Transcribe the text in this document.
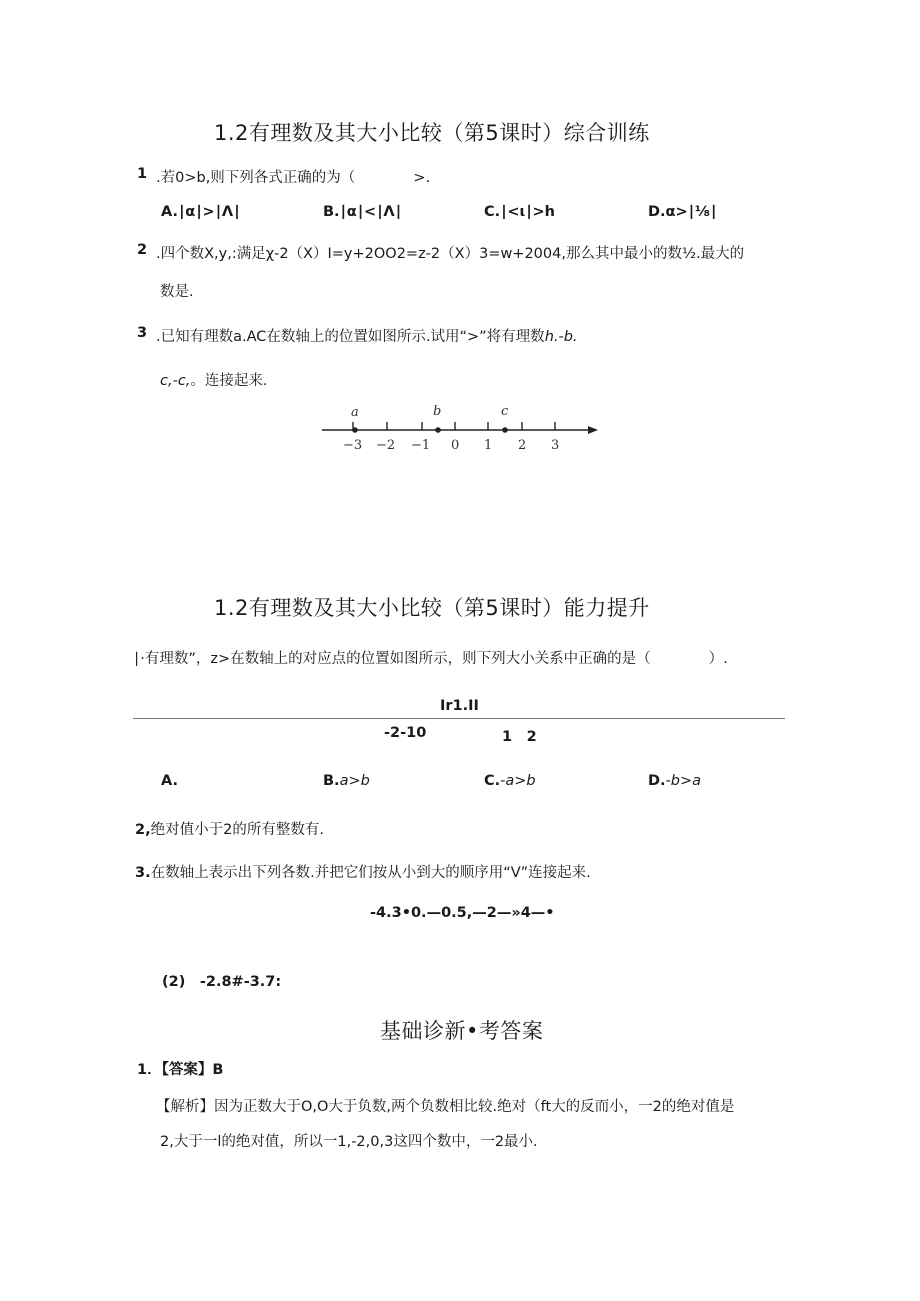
1.2有理数及其大小比较（第5课时）综合训练
1 .若0>b,则下列各式正确的为（　　　　>.
A.∣α∣>∣Λ∣	B.∣α∣<∣Λ∣	C.∣<ι∣>h	D.α>∣⅛∣
2 .四个数X,y,:满足χ-2（X）I=y+2OO2=z-2（X）3=w+2004,那么其中最小的数½.最大的
数是.
3 .已知有理数a.AC在数轴上的位置如图所示.试用“>”将有理数h.-b.
c,-c,。连接起来.
a	b	c
−3 −2 −1 0 1 2 3
1.2有理数及其大小比较（第5课时）能力提升
∣·有理数”，z>在数轴上的对应点的位置如图所示，则下列大小关系中正确的是（　　　　）.
Ir1.II
-2-10	1　2
A.	B.a>b	C.-a>b	D.-b>a
2,绝对值小于2的所有整数有.
3.在数轴上表示出下列各数.并把它们按从小到大的顺序用“V”连接起来.
-4.3•0.—0.5,—2—»4—•
(2)　-2.8#-3.7:
基础诊新•考答案
1．【答案】B
【解析】因为正数大于O,O大于负数,两个负数相比较.绝对（ft大的反而小，一2的绝对值是
2,大于一l的绝对值，所以一1,-2,0,3这四个数中，一2最小.
